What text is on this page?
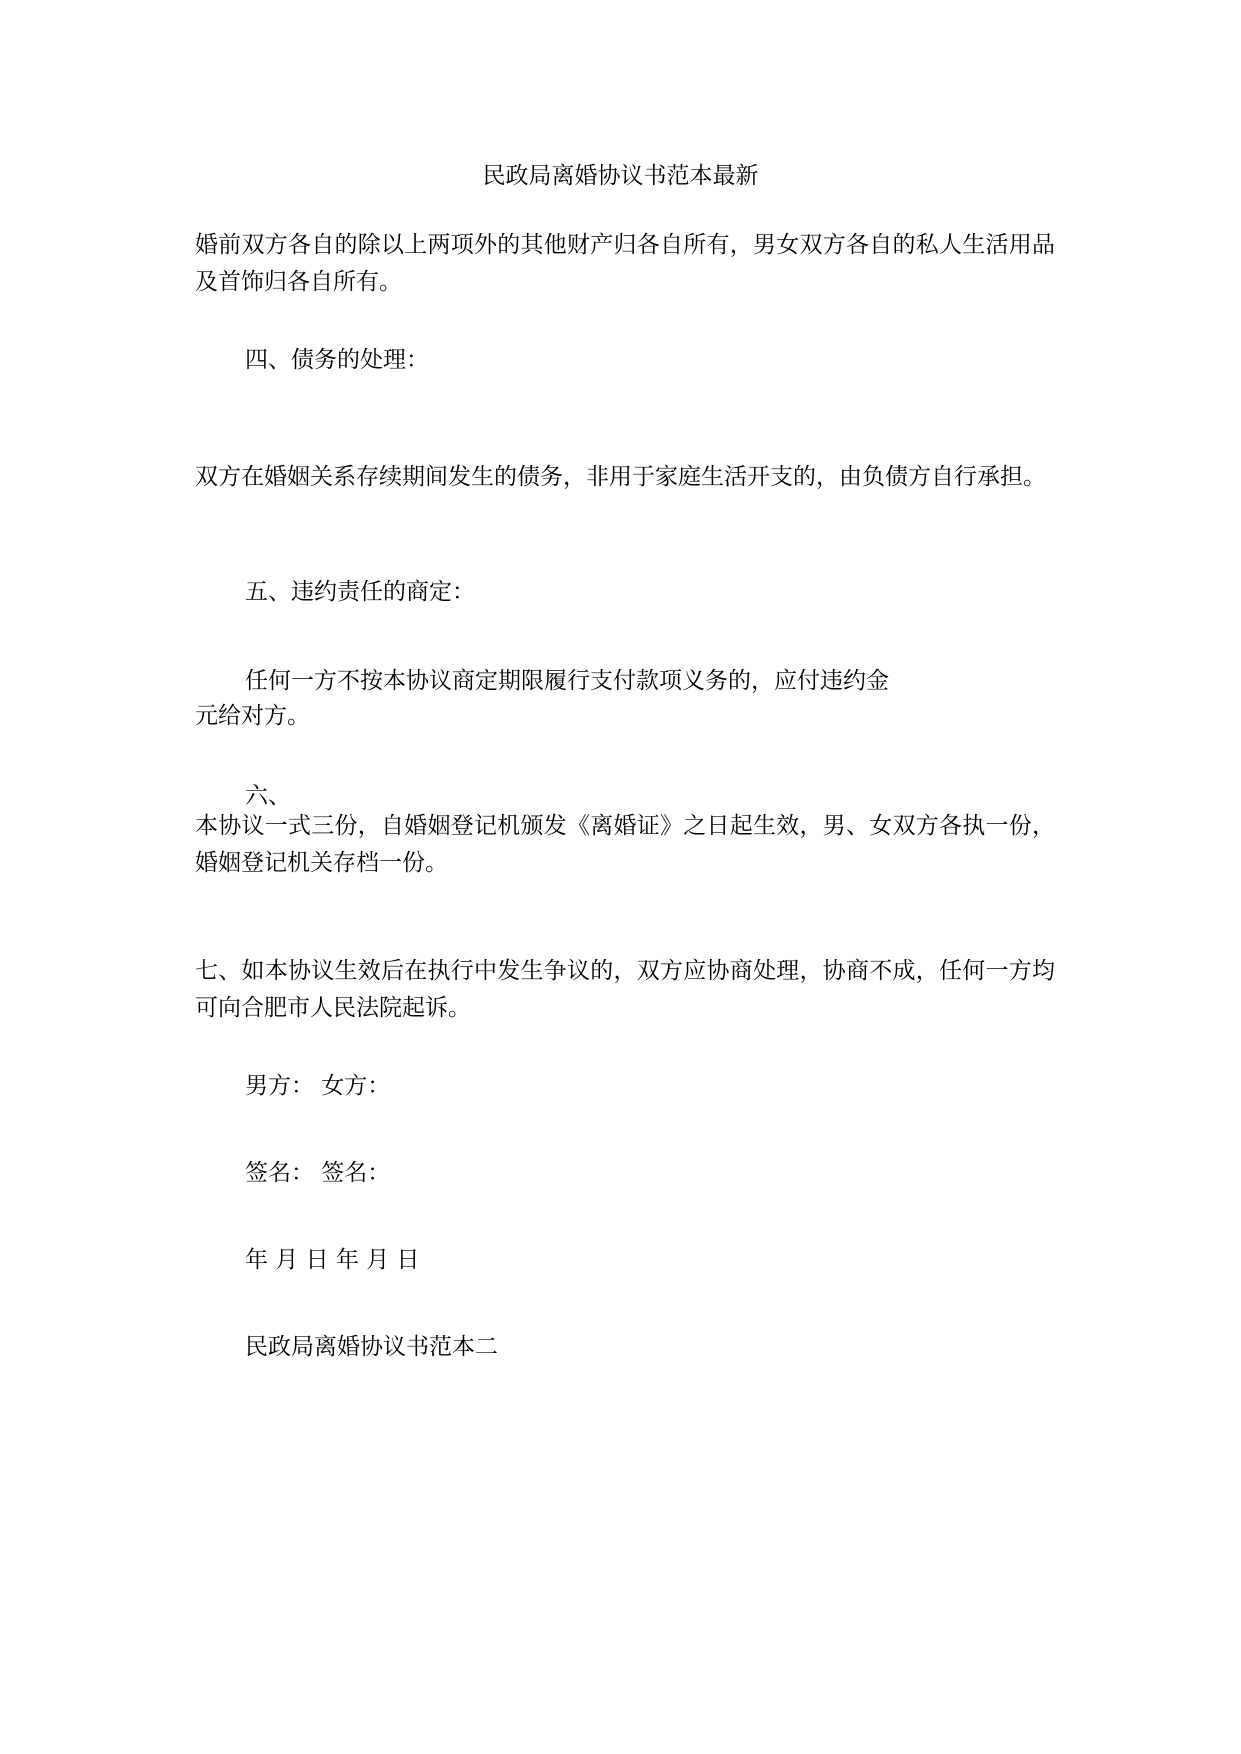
民政局离婚协议书范本最新
婚前双方各自的除以上两项外的其他财产归各自所有，男女双方各自的私人生活用品及首饰归各自所有。
四、债务的处理：
双方在婚姻关系存续期间发生的债务，非用于家庭生活开支的，由负债方自行承担。
五、违约责任的商定：
任何一方不按本协议商定期限履行支付款项义务的，应付违约金
元给对方。
六、
本协议一式三份，自婚姻登记机颁发《离婚证》之日起生效，男、女双方各执一份，婚姻登记机关存档一份。
七、如本协议生效后在执行中发生争议的，双方应协商处理，协商不成，任何一方均可向合肥市人民法院起诉。
男方： 女方：
签名： 签名：
年 月 日 年 月 日
民政局离婚协议书范本二
